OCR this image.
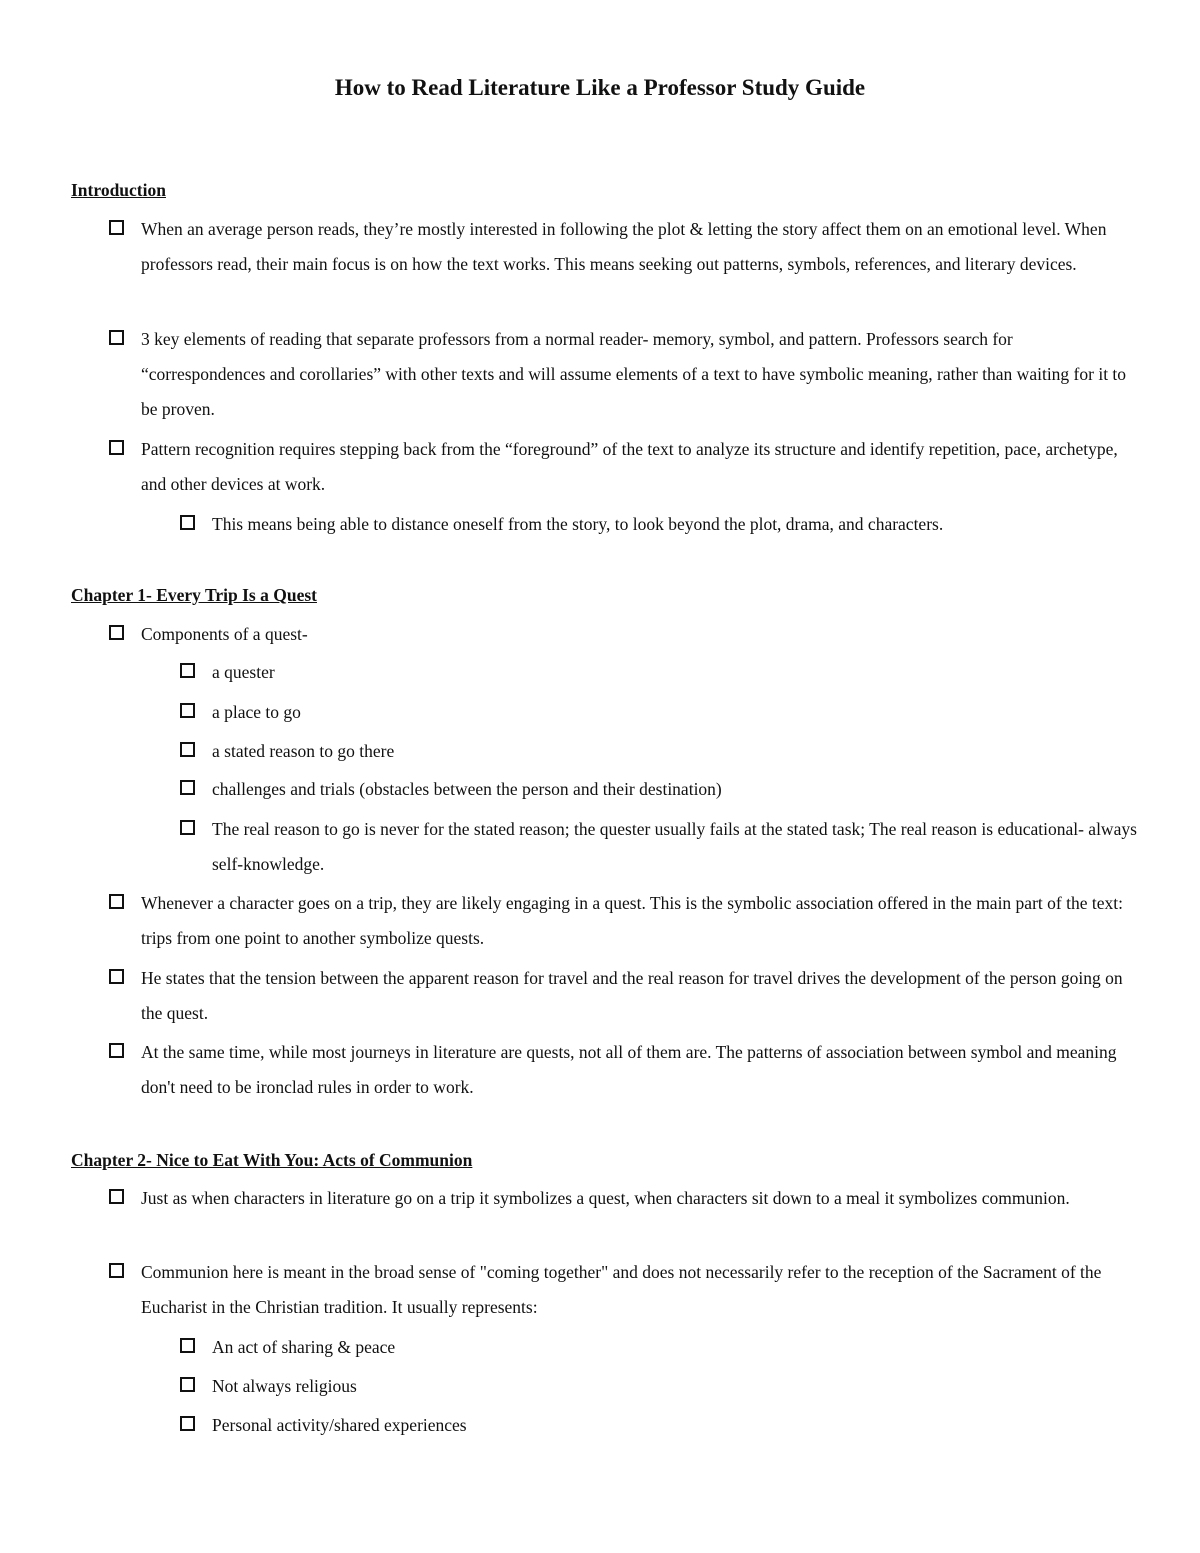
How to Read Literature Like a Professor Study Guide
Introduction
When an average person reads, they’re mostly interested in following the plot & letting the story affect them on an emotional level. When professors read, their main focus is on how the text works. This means seeking out patterns, symbols, references, and literary devices.
3 key elements of reading that separate professors from a normal reader- memory, symbol, and pattern. Professors search for “correspondences and corollaries” with other texts and will assume elements of a text to have symbolic meaning, rather than waiting for it to be proven.
Pattern recognition requires stepping back from the “foreground” of the text to analyze its structure and identify repetition, pace, archetype, and other devices at work.
This means being able to distance oneself from the story, to look beyond the plot, drama, and characters.
Chapter 1- Every Trip Is a Quest
Components of a quest-
a quester
a place to go
a stated reason to go there
challenges and trials (obstacles between the person and their destination)
The real reason to go is never for the stated reason; the quester usually fails at the stated task; The real reason is educational- always self-knowledge.
Whenever a character goes on a trip, they are likely engaging in a quest. This is the symbolic association offered in the main part of the text: trips from one point to another symbolize quests.
He states that the tension between the apparent reason for travel and the real reason for travel drives the development of the person going on the quest.
At the same time, while most journeys in literature are quests, not all of them are. The patterns of association between symbol and meaning don't need to be ironclad rules in order to work.
Chapter 2- Nice to Eat With You: Acts of Communion
Just as when characters in literature go on a trip it symbolizes a quest, when characters sit down to a meal it symbolizes communion.
Communion here is meant in the broad sense of "coming together" and does not necessarily refer to the reception of the Sacrament of the Eucharist in the Christian tradition. It usually represents:
An act of sharing & peace
Not always religious
Personal activity/shared experiences
